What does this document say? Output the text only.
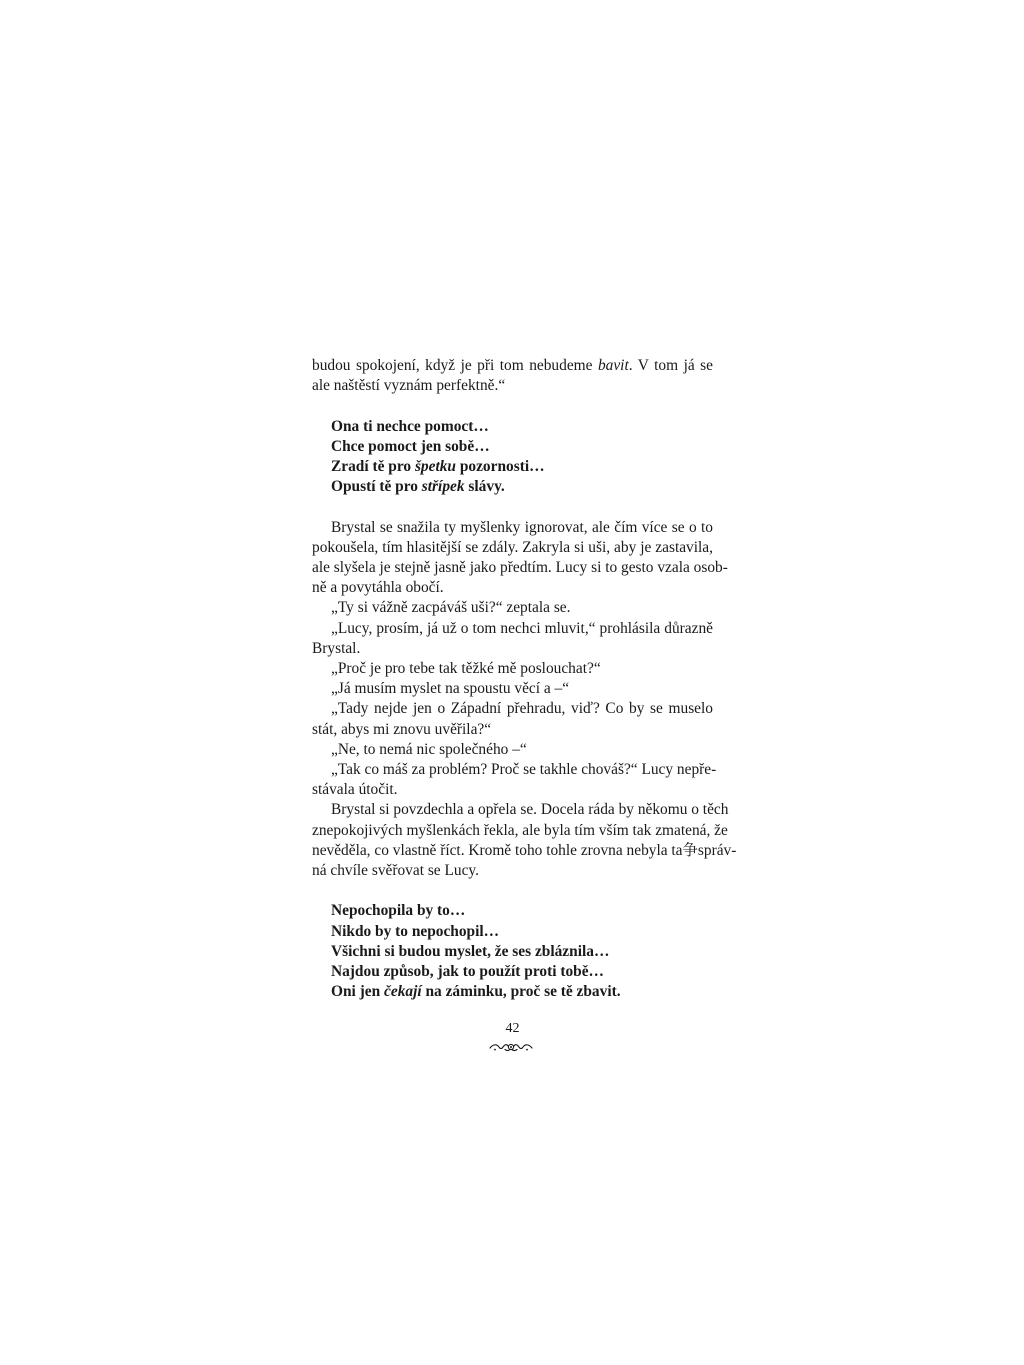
budou spokojení, když je při tom nebudeme bavit. V tom já se
ale naštěstí vyznám perfektně.“
Ona ti nechce pomoct…
Chce pomoct jen sobě…
Zradí tě pro špetku pozornosti…
Opustí tě pro střípek slávy.
Brystal se snažila ty myšlenky ignorovat, ale čím více se o to
pokoušela, tím hlasitější se zdály. Zakryla si uši, aby je zastavila,
ale slyšela je stejně jasně jako předtím. Lucy si to gesto vzala osob-
ně a povytáhla obočí.
„Ty si vážně zacpáváš uši?“ zeptala se.
„Lucy, prosím, já už o tom nechci mluvit,“ prohlásila důrazně
Brystal.
„Proč je pro tebe tak těžké mě poslouchat?“
„Já musím myslet na spoustu věcí a –“
„Tady nejde jen o Západní přehradu, viď? Co by se muselo
stát, abys mi znovu uvěřila?“
„Ne, to nemá nic společného –“
„Tak co máš za problém? Proč se takhle chováš?“ Lucy nepře-
stávala útočit.
Brystal si povzdechla a opřela se. Docela ráda by někomu o těch
znepokojivých myšlenkách řekla, ale byla tím vším tak zmatená, že
nevěděla, co vlastně říct. Kromě toho tohle zrovna nebyla ta争správ-
ná chvíle svěřovat se Lucy.
Nepochopila by to…
Nikdo by to nepochopil…
Všichni si budou myslet, že ses zbláznila…
Najdou způsob, jak to použít proti tobě…
Oni jen čekají na záminku, proč se tě zbavit.
42
